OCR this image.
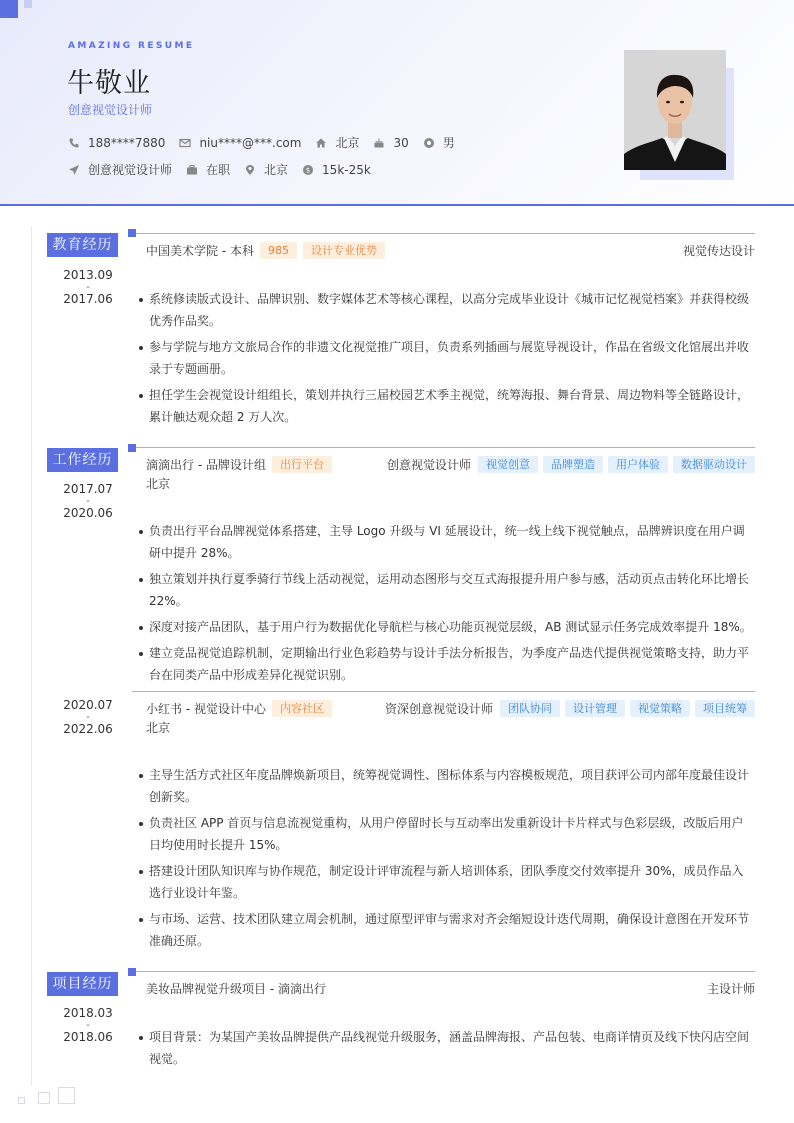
AMAZING RESUME
牛敬业
创意视觉设计师
188****7880	niu****@***.com	北京	30	男
创意视觉设计师	在职	北京	$ 15k-25k
教育经历	中国美术学院 - 本科	985	设计专业优势	视觉传达设计
2013.09
-
2017.06	系统修读版式设计、品牌识别、数字媒体艺术等核心课程，以高分完成毕业设计《城市记忆视觉档案》并获得校级优秀作品奖。
参与学院与地方文旅局合作的非遗文化视觉推广项目，负责系列插画与展览导视设计，作品在省级文化馆展出并收录于专题画册。
担任学生会视觉设计组组长，策划并执行三届校园艺术季主视觉，统筹海报、舞台背景、周边物料等全链路设计，累计触达观众超 2 万人次。
工作经历	滴滴出行 - 品牌设计组	出行平台	创意视觉设计师	视觉创意	品牌塑造	用户体验	数据驱动设计
北京
2017.07
-
2020.06
负责出行平台品牌视觉体系搭建，主导 Logo 升级与 VI 延展设计，统一线上线下视觉触点，品牌辨识度在用户调研中提升 28%。
独立策划并执行夏季骑行节线上活动视觉，运用动态图形与交互式海报提升用户参与感，活动页点击转化环比增长 22%。
深度对接产品团队，基于用户行为数据优化导航栏与核心功能页视觉层级，AB 测试显示任务完成效率提升 18%。
建立竞品视觉追踪机制，定期输出行业色彩趋势与设计手法分析报告，为季度产品迭代提供视觉策略支持，助力平台在同类产品中形成差异化视觉识别。
小红书 - 视觉设计中心	内容社区	资深创意视觉设计师	团队协同	设计管理	视觉策略	项目统筹
北京
2020.07
-
2022.06
主导生活方式社区年度品牌焕新项目，统筹视觉调性、图标体系与内容模板规范，项目获评公司内部年度最佳设计创新奖。
负责社区 APP 首页与信息流视觉重构，从用户停留时长与互动率出发重新设计卡片样式与色彩层级，改版后用户日均使用时长提升 15%。
搭建设计团队知识库与协作规范，制定设计评审流程与新人培训体系，团队季度交付效率提升 30%，成员作品入选行业设计年鉴。
与市场、运营、技术团队建立周会机制，通过原型评审与需求对齐会缩短设计迭代周期，确保设计意图在开发环节准确还原。
项目经历	美妆品牌视觉升级项目 - 滴滴出行	主设计师
2018.03
-
2018.06	项目背景：为某国产美妆品牌提供产品线视觉升级服务，涵盖品牌海报、产品包装、电商详情页及线下快闪店空间视觉。
